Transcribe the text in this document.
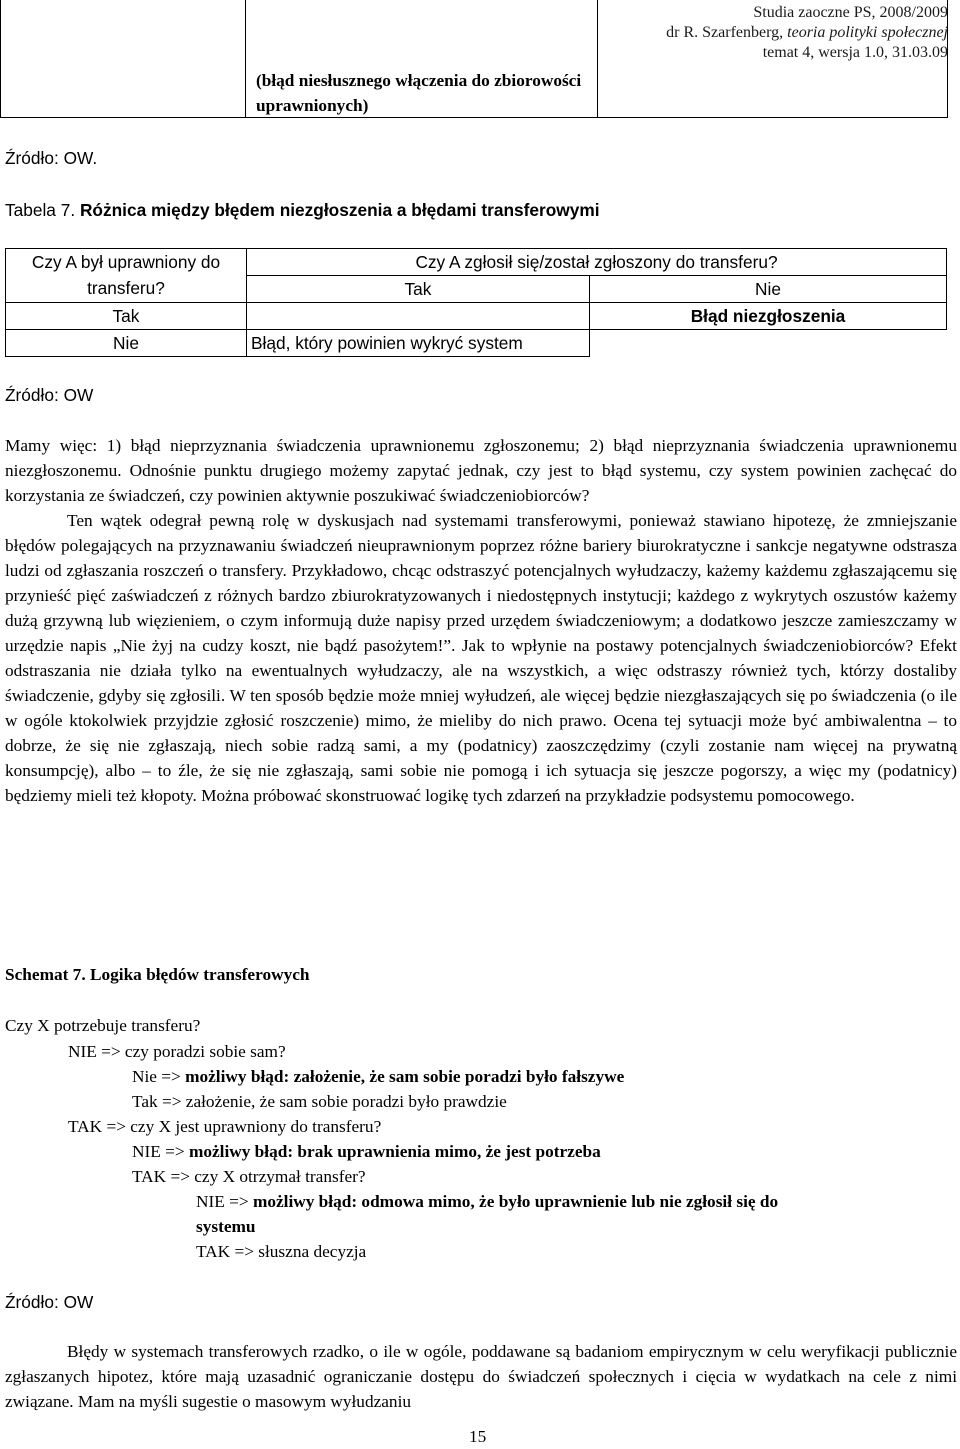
Studia zaoczne PS, 2008/2009
dr R. Szarfenberg, teoria polityki społecznej
temat 4, wersja 1.0, 31.03.09
(błąd niesłusznego włączenia do zbiorowości uprawnionych)
Źródło: OW.
Tabela 7. Różnica między błędem niezgłoszenia a błędami transferowymi
Czy A był uprawniony do transferu?	Czy A zgłosił się/został zgłoszony do transferu?	
	Tak	Nie
Tak		Błąd niezgłoszenia
Nie	Błąd, który powinien wykryć system	
Źródło: OW

Mamy więc: 1) błąd nieprzyznania świadczenia uprawnionemu zgłoszonemu; 2) błąd nieprzyznania świadczenia uprawnionemu niezgłoszonemu. Odnośnie punktu drugiego możemy zapytać jednak, czy jest to błąd systemu, czy system powinien zachęcać do korzystania ze świadczeń, czy powinien aktywnie poszukiwać świadczeniobiorców?

Ten wątek odegrał pewną rolę w dyskusjach nad systemami transferowymi, ponieważ stawiano hipotezę, że zmniejszanie błędów polegających na przyznawaniu świadczeń nieuprawnionym poprzez różne bariery biurokratyczne i sankcje negatywne odstrasza ludzi od zgłaszania roszczeń o transfery. Przykładowo, chcąc odstraszyć potencjalnych wyłudzaczy, każemy każdemu zgłaszającemu się przynieść pięć zaświadczeń z różnych bardzo zbiurokratyzowanych i niedostępnych instytucji; każdego z wykrytych oszustów każemy dużą grzywną lub więzieniem, o czym informują duże napisy przed urzędem świadczeniowym; a dodatkowo jeszcze zamieszczamy w urzędzie napis „Nie żyj na cudzy koszt, nie bądź pasożytem!”. Jak to wpłynie na postawy potencjalnych świadczeniobiorców? Efekt odstraszania nie działa tylko na ewentualnych wyłudzaczy, ale na wszystkich, a więc odstraszy również tych, którzy dostaliby świadczenie, gdyby się zgłosili. W ten sposób będzie może mniej wyłudzeń, ale więcej będzie niezgłaszających się po świadczenia (o ile w ogóle ktokolwiek przyjdzie zgłosić roszczenie) mimo, że mieliby do nich prawo. Ocena tej sytuacji może być ambiwalentna – to dobrze, że się nie zgłaszają, niech sobie radzą sami, a my (podatnicy) zaoszczędzimy (czyli zostanie nam więcej na prywatną konsumpcję), albo – to źle, że się nie zgłaszają, sami sobie nie pomogą i ich sytuacja się jeszcze pogorszy, a więc my (podatnicy) będziemy mieli też kłopoty. Można próbować skonstruować logikę tych zdarzeń na przykładzie podsystemu pomocowego.

Schemat 7. Logika błędów transferowych
Czy X potrzebuje transferu?
NIE => czy poradzi sobie sam?
Nie => możliwy błąd: założenie, że sam sobie poradzi było fałszywe
Tak => założenie, że sam sobie poradzi było prawdzie
TAK => czy X jest uprawniony do transferu?
NIE => możliwy błąd: brak uprawnienia mimo, że jest potrzeba
TAK => czy X otrzymał transfer?
NIE => możliwy błąd: odmowa mimo, że było uprawnienie lub nie zgłosił się do
systemu
TAK => słuszna decyzja
Źródło: OW

Błędy w systemach transferowych rzadko, o ile w ogóle, poddawane są badaniom empirycznym w celu weryfikacji publicznie zgłaszanych hipotez, które mają uzasadnić ograniczanie dostępu do świadczeń społecznych i cięcia w wydatkach na cele z nimi związane. Mam na myśli sugestie o masowym wyłudzaniu

15
